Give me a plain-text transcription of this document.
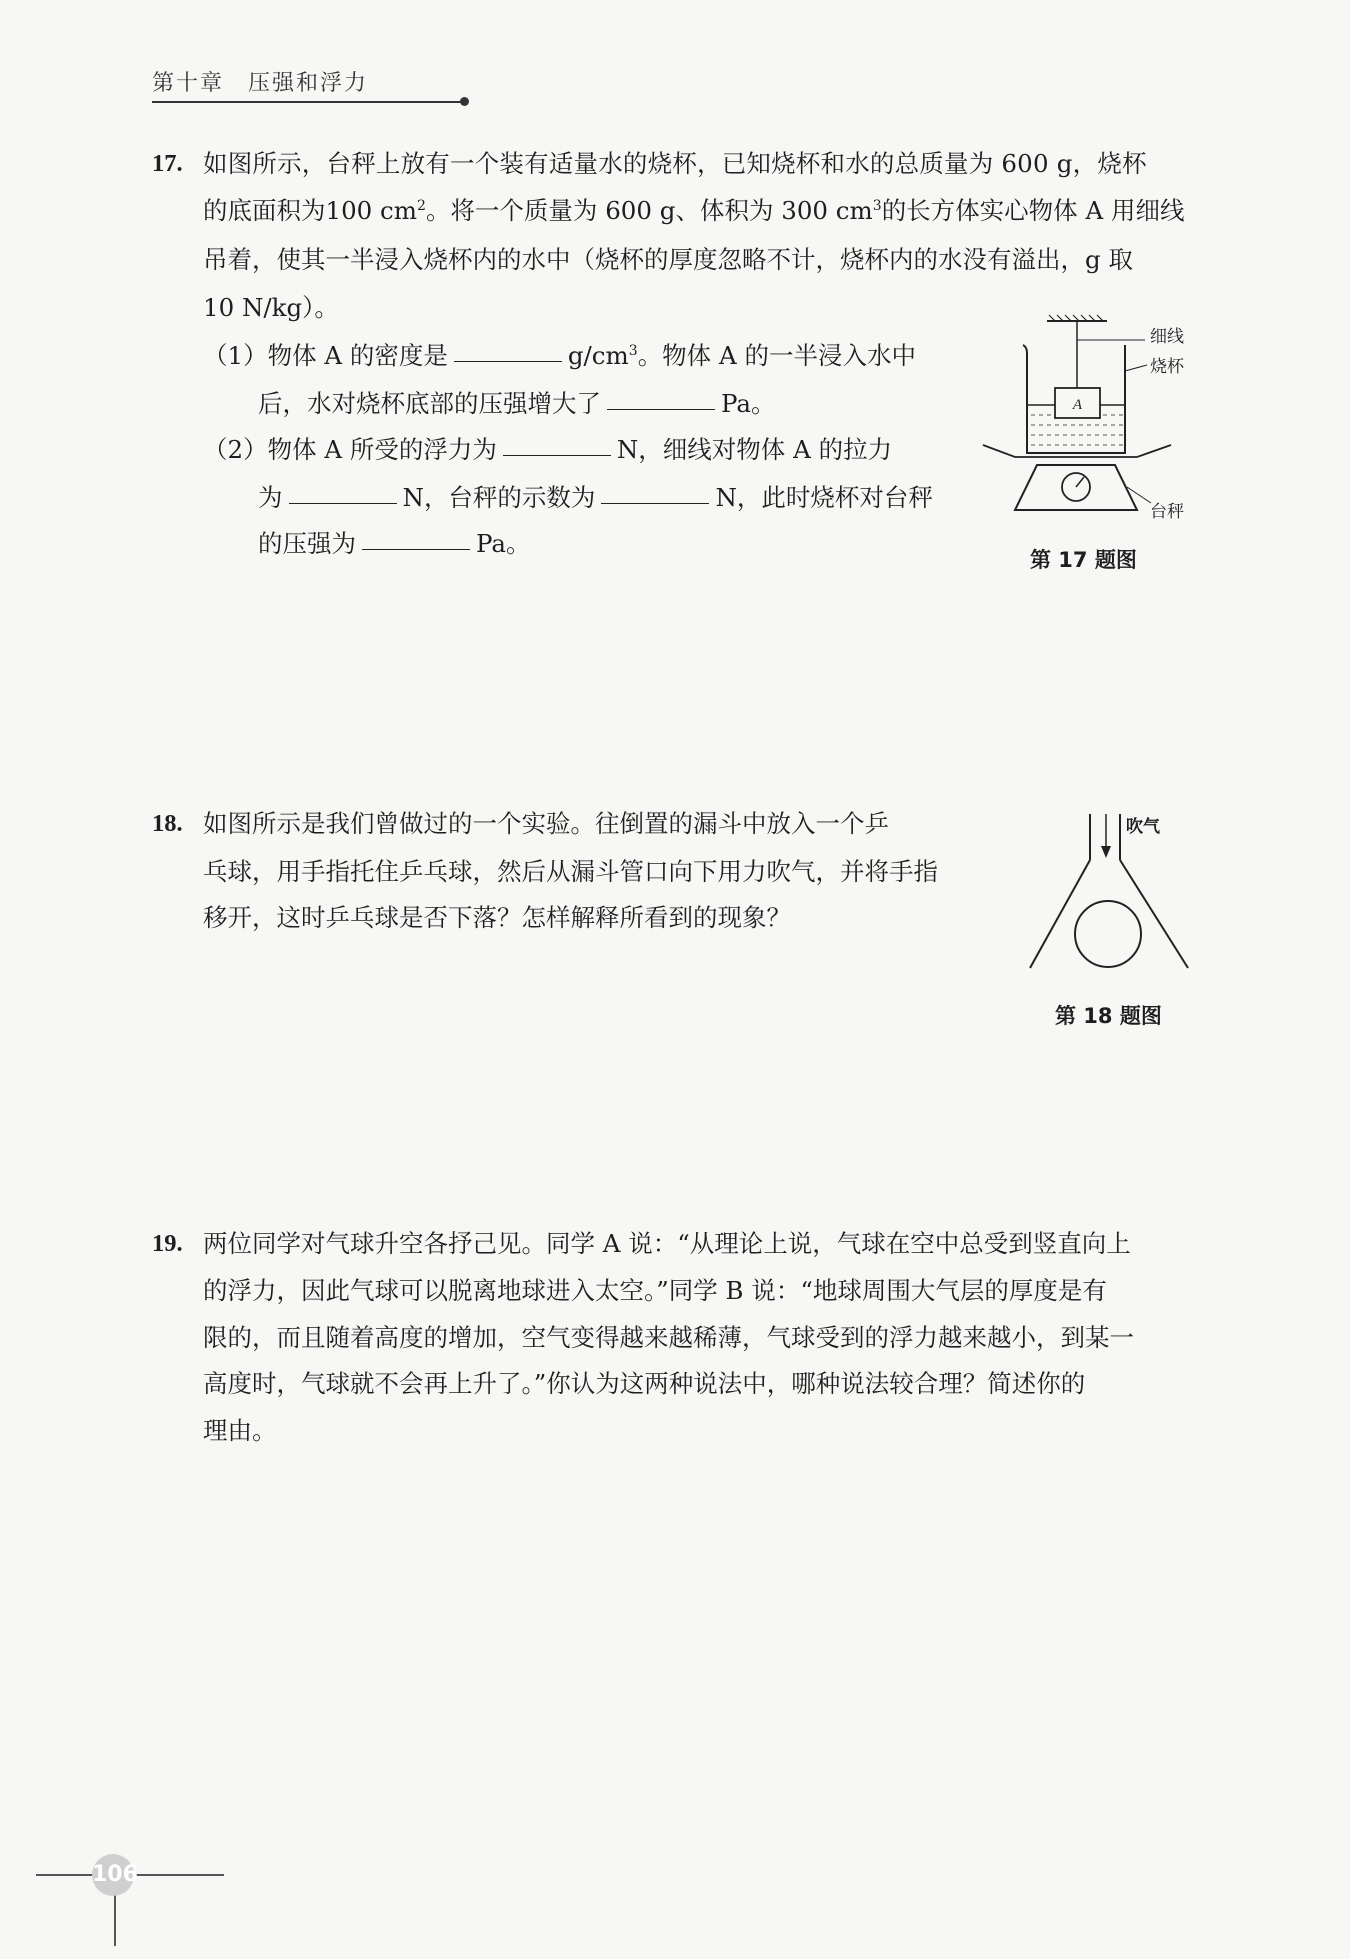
第十章　压强和浮力
17. 如图所示，台秤上放有一个装有适量水的烧杯，已知烧杯和水的总质量为 600 g，烧杯
的底面积为100 $cm^2$。将一个质量为 600 g、体积为 300 $cm^3$的长方体实心物体 A 用细线
吊着，使其一半浸入烧杯内的水中（烧杯的厚度忽略不计，烧杯内的水没有溢出，g 取
10 N/kg）。
（1）物体 A 的密度是	$g/cm^3$。物体 A 的一半浸入水中
后，水对烧杯底部的压强增大了	Pa。
（2）物体 A 所受的浮力为	N，细线对物体 A 的拉力
为	N，台秤的示数为	N，此时烧杯对台秤
的压强为	Pa。
A
细线
烧杯
台秤
第 17 题图
18. 如图所示是我们曾做过的一个实验。往倒置的漏斗中放入一个乒
乓球，用手指托住乒乓球，然后从漏斗管口向下用力吹气，并将手指
移开，这时乒乓球是否下落？怎样解释所看到的现象？
吹气
第 18 题图
19. 两位同学对气球升空各抒己见。同学 A 说：“从理论上说，气球在空中总受到竖直向上
的浮力，因此气球可以脱离地球进入太空。”同学 B 说：“地球周围大气层的厚度是有
限的，而且随着高度的增加，空气变得越来越稀薄，气球受到的浮力越来越小，到某一
高度时，气球就不会再上升了。”你认为这两种说法中，哪种说法较合理？简述你的
理由。
106
